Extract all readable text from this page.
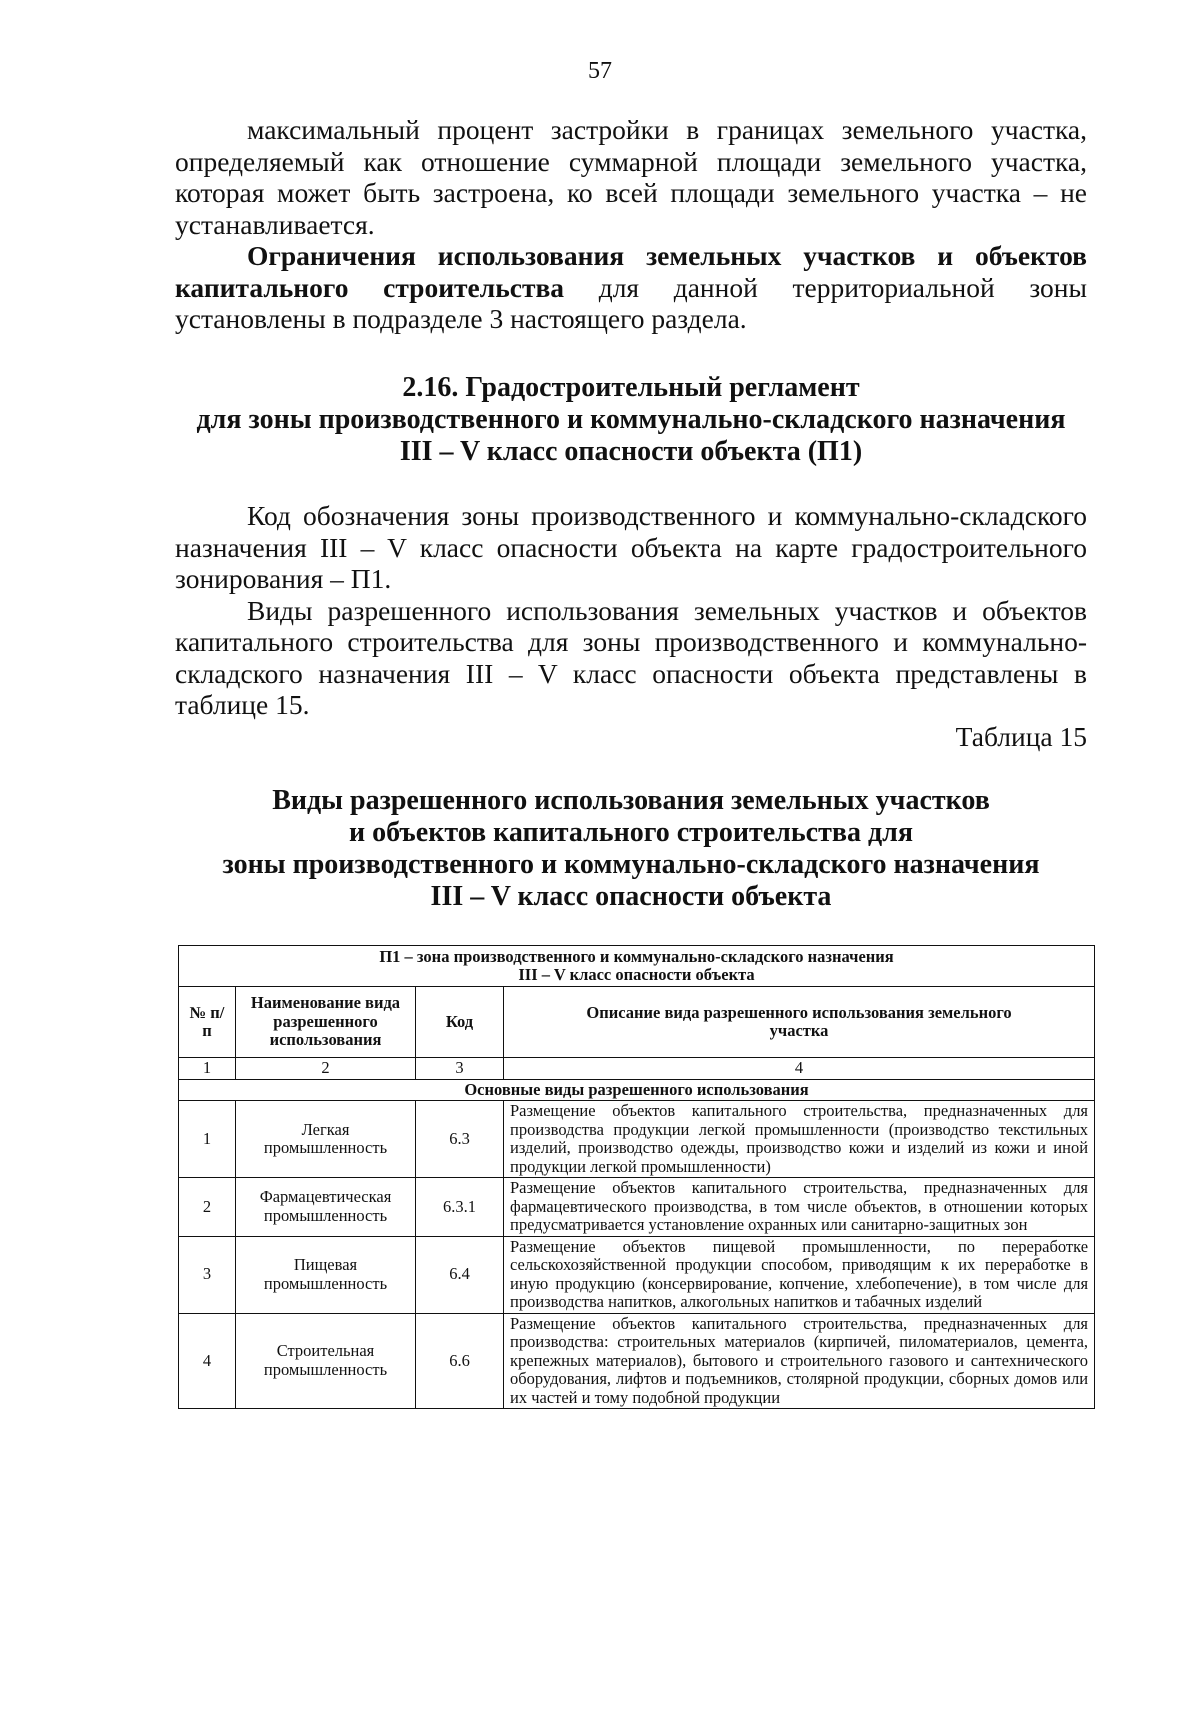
57

максимальный процент застройки в границах земельного участка, определяемый как отношение суммарной площади земельного участка, которая может быть застроена, ко всей площади земельного участка – не устанавливается.

Ограничения использования земельных участков и объектов капитального строительства для данной территориальной зоны установлены в подразделе 3 настоящего раздела.

2.16. Градостроительный регламент
для зоны производственного и коммунально-складского назначения
III – V класс опасности объекта (П1)

Код обозначения зоны производственного и коммунально-складского назначения III – V класс опасности объекта на карте градостроительного зонирования – П1.

Виды разрешенного использования земельных участков и объектов капитального строительства для зоны производственного и коммунально-складского назначения III – V класс опасности объекта представлены в таблице 15.

Таблица 15
Виды разрешенного использования земельных участков
и объектов капитального строительства для
зоны производственного и коммунально-складского назначения
III – V класс опасности объекта
П1 – зона производственного и коммунально-складского назначения
III – V класс опасности объекта			

№ п/п	Наименование вида разрешенного использования	Код	Описание вида разрешенного использования земельного участка
1	2	3	4
Основные виды разрешенного использования			
1	Легкая промышленность	6.3	Размещение объектов капитального строительства, предназначенных для производства продукции легкой промышленности (производство текстильных изделий, производство одежды, производство кожи и изделий из кожи и иной продукции легкой промышленности)
2	Фармацевтическая промышленность	6.3.1	Размещение объектов капитального строительства, предназначенных для фармацевтического производства, в том числе объектов, в отношении которых предусматривается установление охранных или санитарно-защитных зон
3	Пищевая промышленность	6.4	Размещение объектов пищевой промышленности, по переработке сельскохозяйственной продукции способом, приводящим к их переработке в иную продукцию (консервирование, копчение, хлебопечение), в том числе для производства напитков, алкогольных напитков и табачных изделий
4	Строительная промышленность	6.6	Размещение объектов капитального строительства, предназначенных для производства: строительных материалов (кирпичей, пиломатериалов, цемента, крепежных материалов), бытового и строительного газового и сантехнического оборудования, лифтов и подъемников, столярной продукции, сборных домов или их частей и тому подобной продукции
